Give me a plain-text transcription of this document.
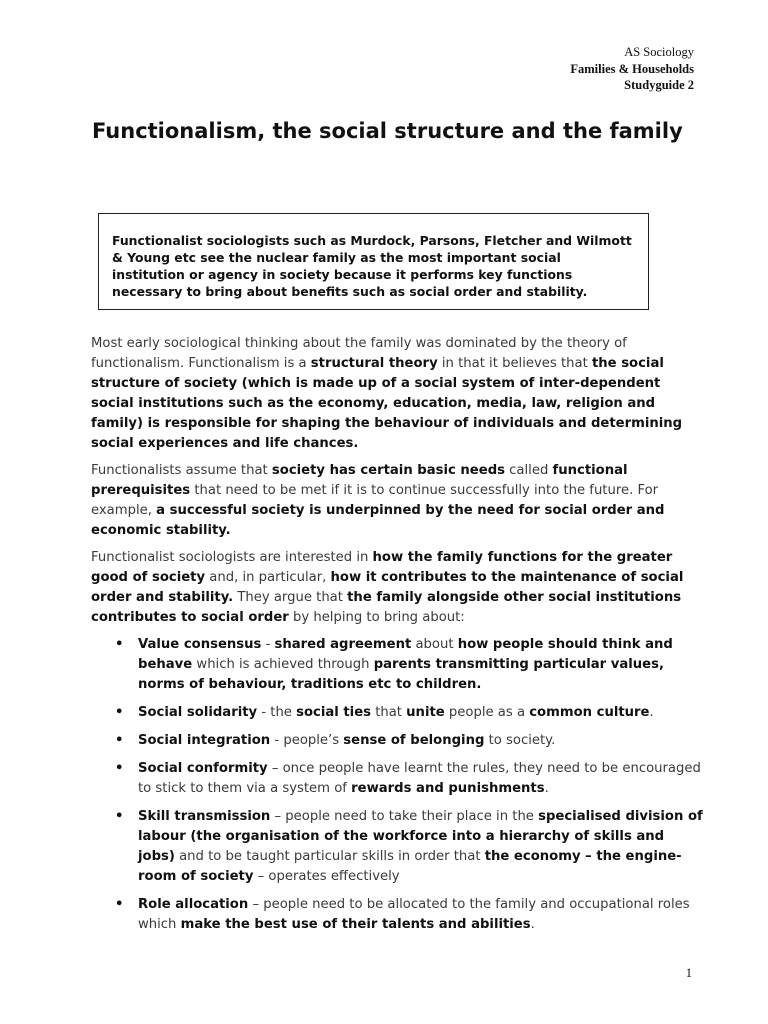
AS Sociology
Families & Households
Studyguide 2
Functionalism, the social structure and the family
Functionalist sociologists such as Murdock, Parsons, Fletcher and Wilmott & Young etc see the nuclear family as the most important social institution or agency in society because it performs key functions necessary to bring about benefits such as social order and stability.

Most early sociological thinking about the family was dominated by the theory of functionalism. Functionalism is a structural theory in that it believes that the social structure of society (which is made up of a social system of inter-dependent social institutions such as the economy, education, media, law, religion and family) is responsible for shaping the behaviour of individuals and determining social experiences and life chances.

Functionalists assume that society has certain basic needs called functional prerequisites that need to be met if it is to continue successfully into the future. For example, a successful society is underpinned by the need for social order and economic stability.

Functionalist sociologists are interested in how the family functions for the greater good of society and, in particular, how it contributes to the maintenance of social order and stability. They argue that the family alongside other social institutions contributes to social order by helping to bring about:

• Value consensus - shared agreement about how people should think and behave which is achieved through parents transmitting particular values, norms of behaviour, traditions etc to children.
• Social solidarity - the social ties that unite people as a common culture.
• Social integration - people’s sense of belonging to society.
• Social conformity – once people have learnt the rules, they need to be encouraged to stick to them via a system of rewards and punishments.
• Skill transmission – people need to take their place in the specialised division of labour (the organisation of the workforce into a hierarchy of skills and jobs) and to be taught particular skills in order that the economy – the engine-room of society – operates effectively
• Role allocation – people need to be allocated to the family and occupational roles which make the best use of their talents and abilities.
1
